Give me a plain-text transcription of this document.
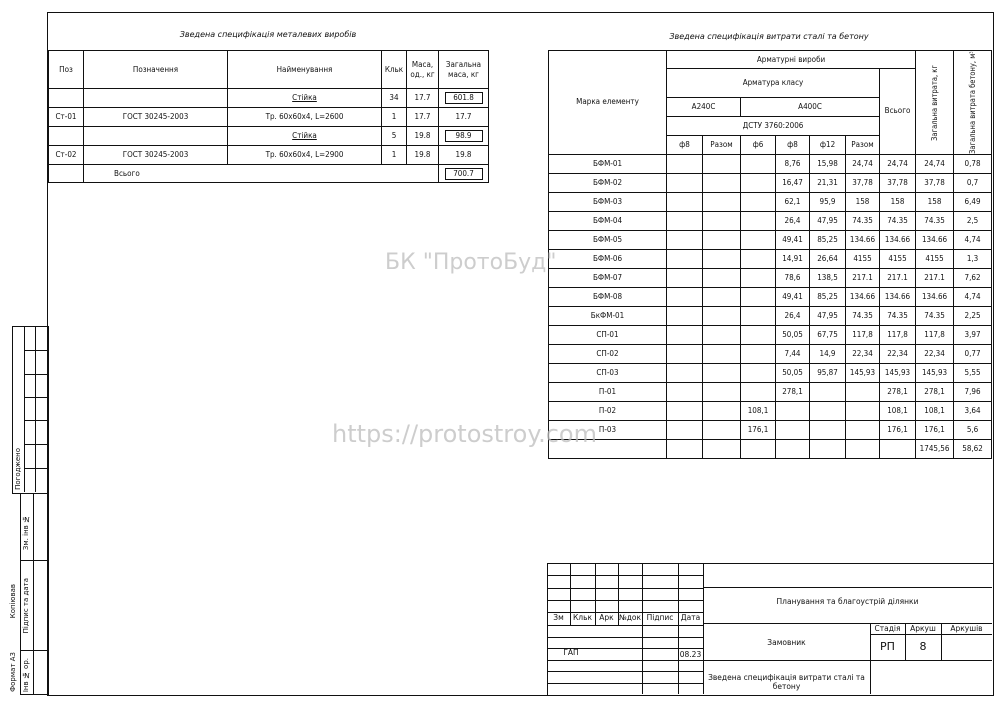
Зведена специфікація металевих виробів
Поз	Позначення	Найменування	Кльк	Маса, од., кг	Загальна маса, кг
		Стійка	34	17.7	601.8
Ст-01	ГОСТ 30245-2003	Тр. 60х60х4, L=2600	1	17.7	17.7
		Стійка	5	19.8	98.9
Ст-02	ГОСТ 30245-2003	Тр. 60х60х4, L=2900	1	19.8	19.8
	Всього				700.7
Зведена специфікація витрати сталі та бетону
Марка елементу	Арматурні вироби							Загальна витрата, кг	Загальна витрата бетону, м³
	Арматура класу						Всього		
	А240С		А400С						
	ДСТУ 3760:2006								
	ф8	Разом	ф6	ф8	ф12	Разом			
БФМ-01				8,76	15,98	24,74	24,74	24,74	0,78
БФМ-02				16,47	21,31	37,78	37,78	37,78	0,7
БФМ-03				62,1	95,9	158	158	158	6,49
БФМ-04				26,4	47,95	74.35	74.35	74.35	2,5
БФМ-05				49,41	85,25	134.66	134.66	134.66	4,74
БФМ-06				14,91	26,64	4155	4155	4155	1,3
БФМ-07				78,6	138,5	217.1	217.1	217.1	7,62
БФМ-08				49,41	85,25	134.66	134.66	134.66	4,74
БкФМ-01				26,4	47,95	74.35	74.35	74.35	2,25
СП-01				50,05	67,75	117,8	117,8	117,8	3,97
СП-02				7,44	14,9	22,34	22,34	22,34	0,77
СП-03				50,05	95,87	145,93	145,93	145,93	5,55
П-01				278,1			278,1	278,1	7,96
П-02			108,1				108,1	108,1	3,64
П-03			176,1				176,1	176,1	5,6
								1745,56	58,62
БК "ПротоБуд"
https://protostroy.com
Погоджено
Зм. інв №
Підпис та дата
Інв № ор.
Копіював
Формат А3
Зм	Кльк Арк №док Підпис Дата
ГАП	08.23
Планування та благоустрій ділянки
Замовник
Зведена специфікація витрати сталі та бетону
Стадія	Аркуш	Аркушів
РП	8
